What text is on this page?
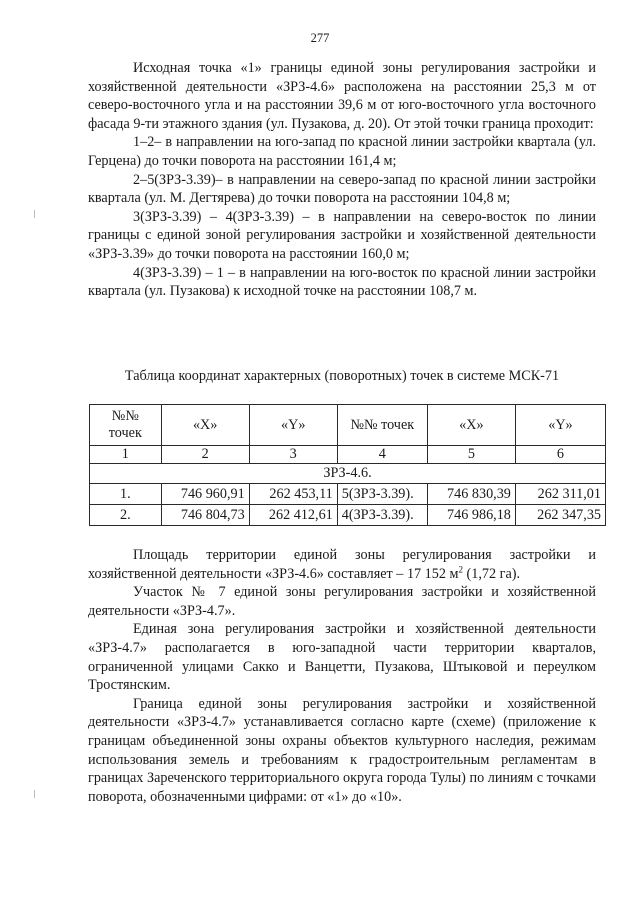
277

Исходная точка «1» границы единой зоны регулирования застройки и хозяйственной деятельности «ЗРЗ-4.6» расположена на расстоянии 25,3 м от северо-восточного угла и на расстоянии 39,6 м от юго-восточного угла восточного фасада 9-ти этажного здания (ул. Пузакова, д. 20). От этой точки граница проходит:

1–2– в направлении на юго-запад по красной линии застройки квартала (ул. Герцена) до точки поворота на расстоянии 161,4 м;

2–5(ЗРЗ-3.39)– в направлении на северо-запад по красной линии застройки квартала (ул. М. Дегтярева) до точки поворота на расстоянии 104,8 м;

3(ЗРЗ-3.39) – 4(ЗРЗ-3.39) – в направлении на северо-восток по линии границы с единой зоной регулирования застройки и хозяйственной деятельности «ЗРЗ-3.39» до точки поворота на расстоянии 160,0 м;

4(ЗРЗ-3.39) – 1 – в направлении на юго-восток по красной линии застройки квартала (ул. Пузакова) к исходной точке на расстоянии 108,7 м.

Таблица координат характерных (поворотных) точек в системе МСК-71
№№ точек	«X»	«Y»	№№ точек	«X»	«Y»
1	2	3	4	5	6
ЗРЗ-4.6.					
1.	746 960,91	262 453,11	5(ЗРЗ-3.39).	746 830,39	262 311,01
2.	746 804,73	262 412,61	4(ЗРЗ-3.39).	746 986,18	262 347,35

Площадь территории единой зоны регулирования застройки и хозяйственной деятельности «ЗРЗ-4.6» составляет – 17 152 $м^2$ (1,72 га).

Участок № 7 единой зоны регулирования застройки и хозяйственной деятельности «ЗРЗ-4.7».

Единая зона регулирования застройки и хозяйственной деятельности «ЗРЗ-4.7» располагается в юго-западной части территории кварталов, ограниченной улицами Сакко и Ванцетти, Пузакова, Штыковой и переулком Тростянским.

Граница единой зоны регулирования застройки и хозяйственной деятельности «ЗРЗ-4.7» устанавливается согласно карте (схеме) (приложение к границам объединенной зоны охраны объектов культурного наследия, режимам использования земель и требованиям к градостроительным регламентам в границах Зареченского территориального округа города Тулы) по линиям с точками поворота, обозначенными цифрами: от «1» до «10».
